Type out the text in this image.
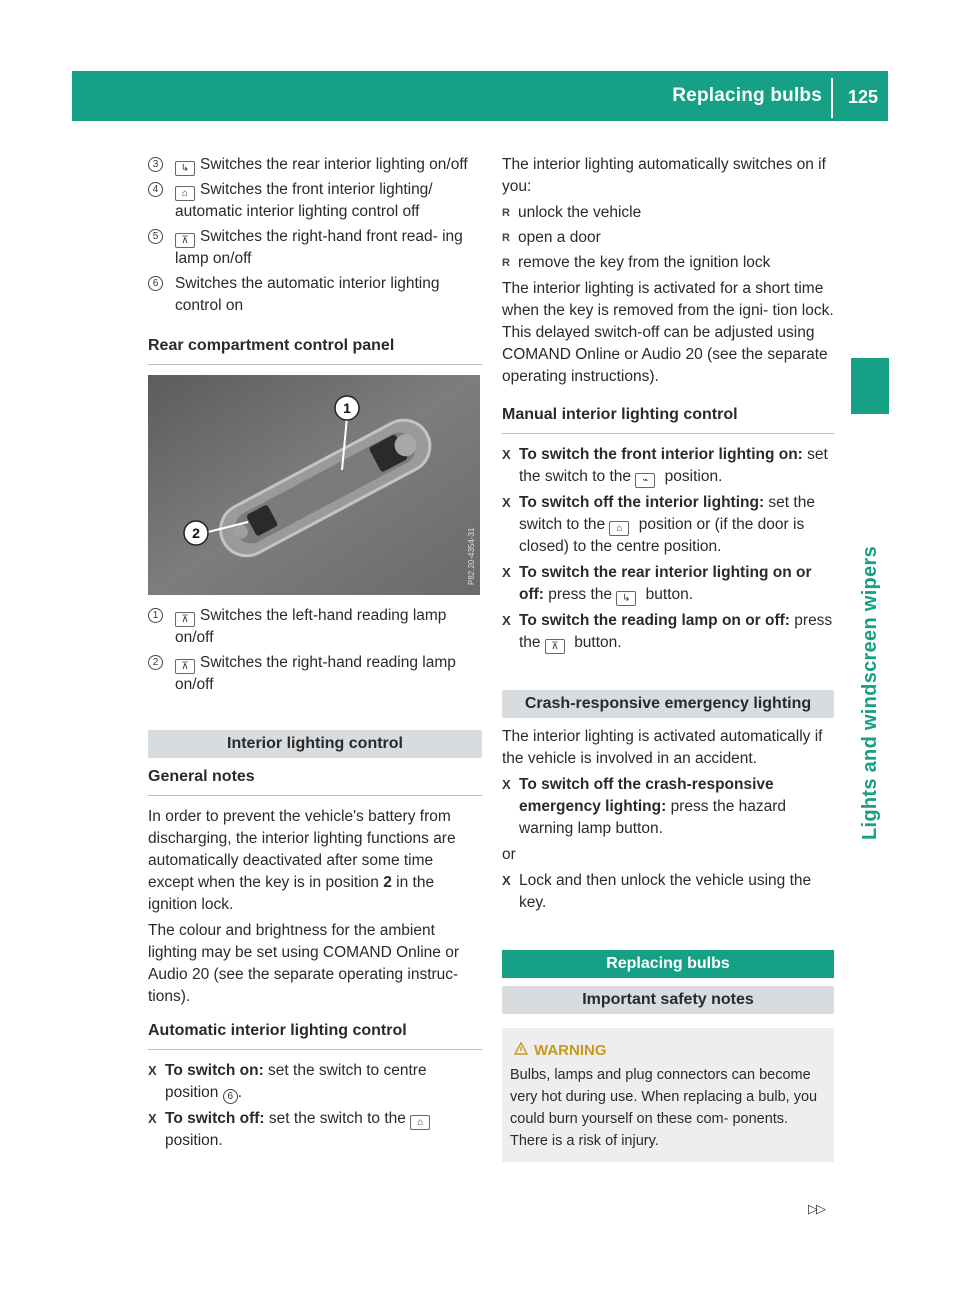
Replacing bulbs	125
Lights and windscreen wipers
3	↳ Switches the rear interior lighting on/off
4	⌂ Switches the front interior lighting/ automatic interior lighting control off
5	⊼ Switches the right-hand front read- ing lamp on/off
6	Switches the automatic interior lighting control on
Rear compartment control panel
1
2	P82.20-4354-31
1	⊼ Switches the left-hand reading lamp on/off
2	⊼ Switches the right-hand reading lamp on/off
Interior lighting control
General notes
In order to prevent the vehicle's battery from discharging, the interior lighting functions are automatically deactivated after some time except when the key is in position 2 in the ignition lock.
The colour and brightness for the ambient lighting may be set using COMAND Online or Audio 20 (see the separate operating instruc- tions).
Automatic interior lighting control
X To switch on: set the switch to centre position 6 .
X To switch off: set the switch to the ⌂ position.
The interior lighting automatically switches on if you:
R unlock the vehicle
R open a door
R remove the key from the ignition lock
The interior lighting is activated for a short time when the key is removed from the igni- tion lock. This delayed switch-off can be adjusted using COMAND Online or Audio 20 (see the separate operating instructions).
Manual interior lighting control
X To switch the front interior lighting on: set the switch to the ⌁ position.
X To switch off the interior lighting: set the switch to the ⌂ position or (if the door is closed) to the centre position.
X To switch the rear interior lighting on or off: press the ↳ button.
X To switch the reading lamp on or off: press the ⊼ button.
Crash-responsive emergency lighting
The interior lighting is activated automatically if the vehicle is involved in an accident.
X To switch off the crash-responsive emergency lighting: press the hazard warning lamp button.
or
X Lock and then unlock the vehicle using the key.
Replacing bulbs
Important safety notes
WARNING
Bulbs, lamps and plug connectors can become very hot during use. When replacing a bulb, you could burn yourself on these com- ponents. There is a risk of injury.
▷▷
